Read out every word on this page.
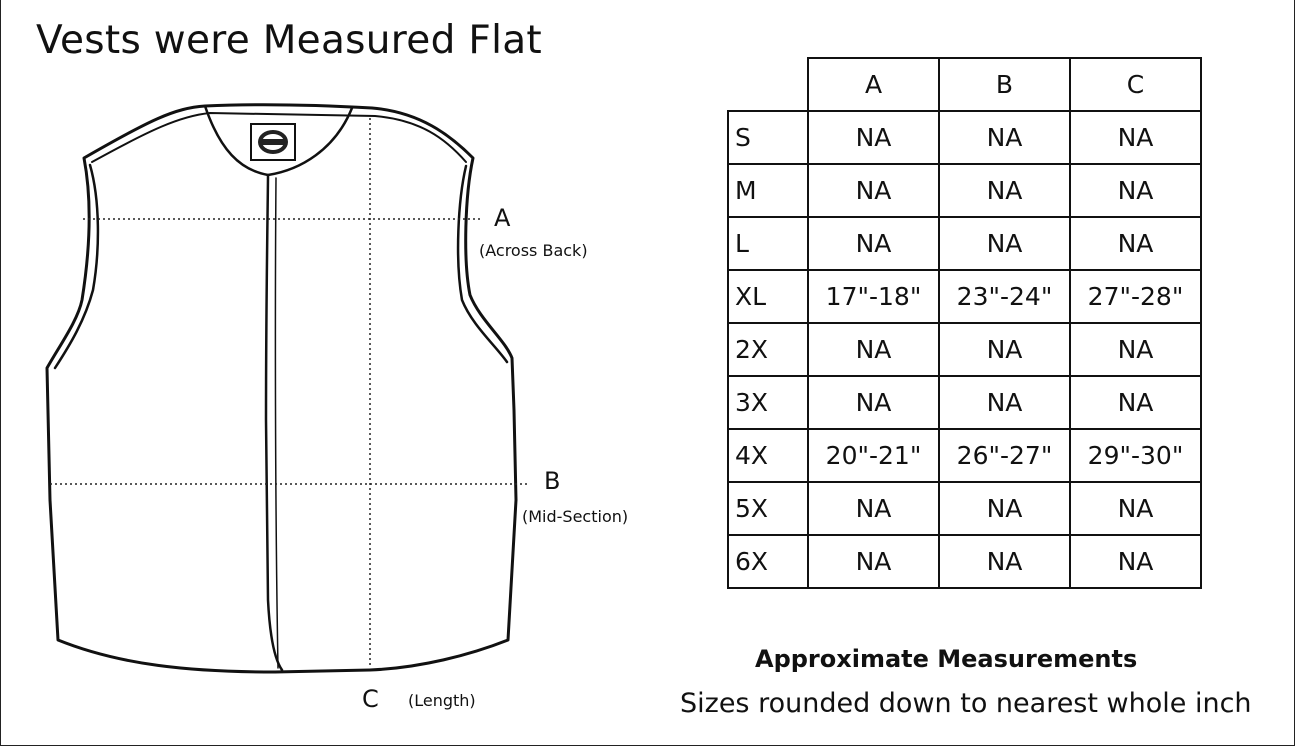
Vests were Measured Flat
A
(Across Back)
B
(Mid-Section)
C (Length)
	A	B	C
S	NA	NA	NA
M	NA	NA	NA
L	NA	NA	NA
XL	17"-18"	23"-24"	27"-28"
2X	NA	NA	NA
3X	NA	NA	NA
4X	20"-21"	26"-27"	29"-30"
5X	NA	NA	NA
6X	NA	NA	NA
Approximate Measurements
Sizes rounded down to nearest whole inch
